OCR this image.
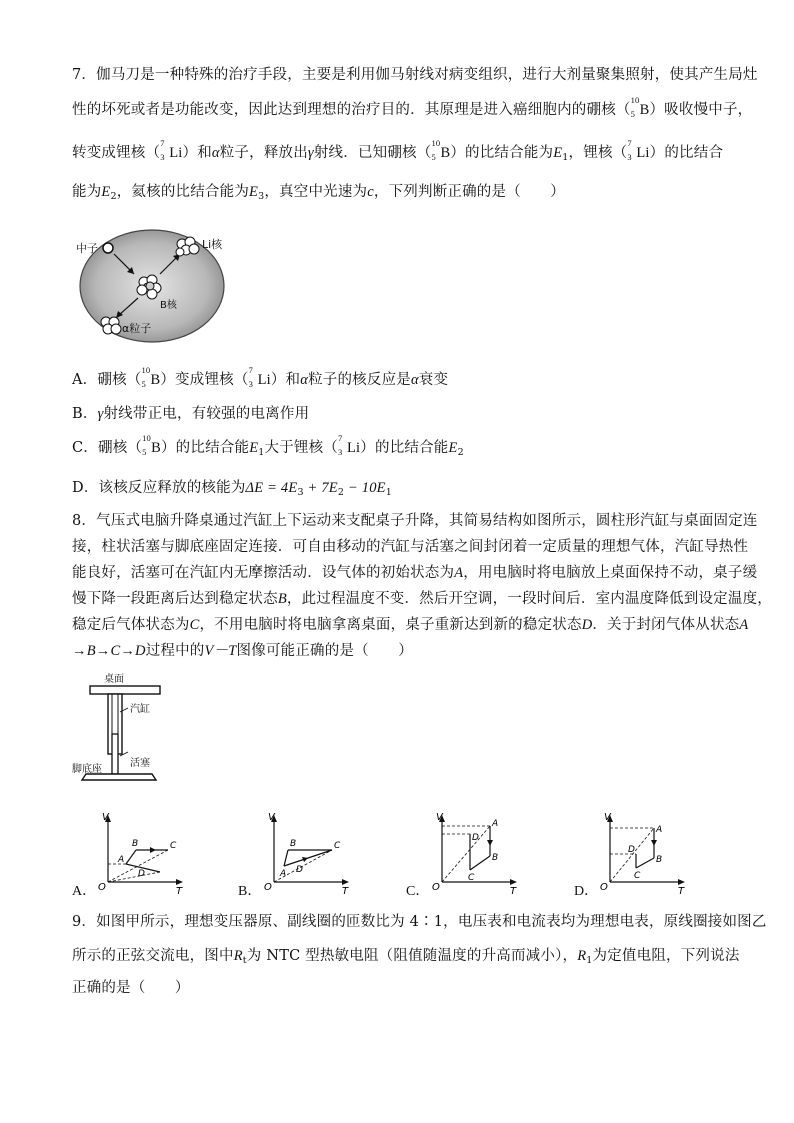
7．伽马刀是一种特殊的治疗手段，主要是利用伽马射线对病变组织，进行大剂量聚集照射，使其产生局灶
性的坏死或者是功能改变，因此达到理想的治疗目的．其原理是进入癌细胞内的硼核（
10
5 B）吸收慢中子，
转变成锂核（
7
3 Li）和α粒子，释放出γ射线．已知硼核（
10
5 B）的比结合能为$E_1$，锂核（
7
3 Li）的比结合
能为$E_2$，氦核的比结合能为$E_3$，真空中光速为c，下列判断正确的是（　　）
中子	Li核
B核
α粒子
A．硼核（
10
5 B）变成锂核（
7
3 Li）和α粒子的核反应是α衰变
B．γ射线带正电，有较强的电离作用
C．硼核（
10
5 B）的比结合能$E_1$大于锂核（
7
3 Li）的比结合能$E_2$
D．该核反应释放的核能为$\Delta E = 4E_3 + 7E_2 - 10E_1$
8．气压式电脑升降桌通过汽缸上下运动来支配桌子升降，其简易结构如图所示，圆柱形汽缸与桌面固定连
接，柱状活塞与脚底座固定连接．可自由移动的汽缸与活塞之间封闭着一定质量的理想气体，汽缸导热性
能良好，活塞可在汽缸内无摩擦活动．设气体的初始状态为A，用电脑时将电脑放上桌面保持不动，桌子缓
慢下降一段距离后达到稳定状态B，此过程温度不变．然后开空调，一段时间后．室内温度降低到设定温度，
稳定后气体状态为C，不用电脑时将电脑拿离桌面，桌子重新达到新的稳定状态D．关于封闭气体从状态A
→B→C→D过程中的V－T图像可能正确的是（　　）
桌面
汽缸
脚底座
活塞
A．
V
T
O
A
B	C
D
B．
V
T
O
B	C
A D
C．
V
T
O
D
A
B
C
D．
V
T
O
A
D
B
C
9．如图甲所示，理想变压器原、副线圈的匝数比为 4∶1，电压表和电流表均为理想电表，原线圈接如图乙
所示的正弦交流电，图中$R_t$为 NTC 型热敏电阻（阻值随温度的升高而减小），$R_1$为定值电阻，下列说法
正确的是（　　）
